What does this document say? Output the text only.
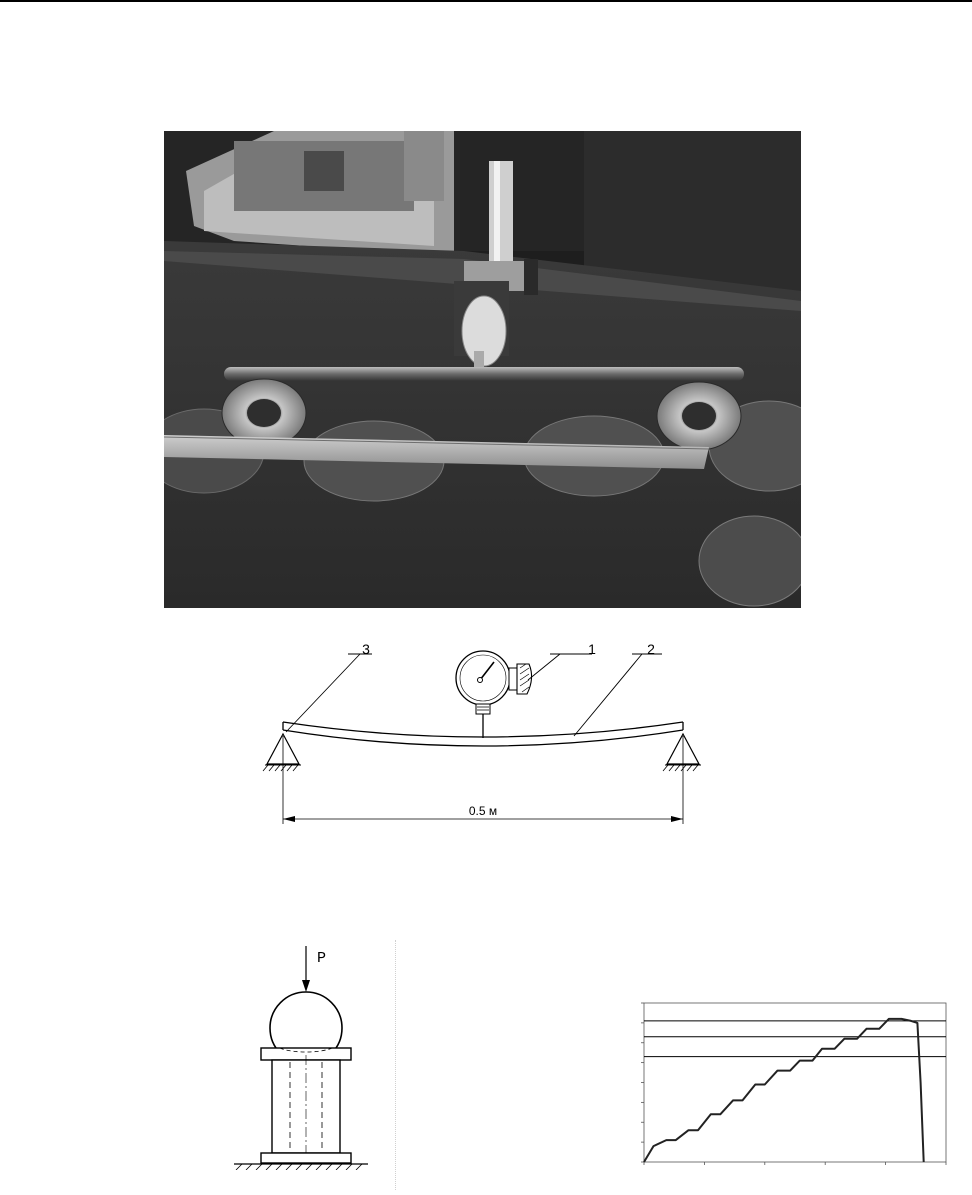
3	1	2
0.5 м
P
